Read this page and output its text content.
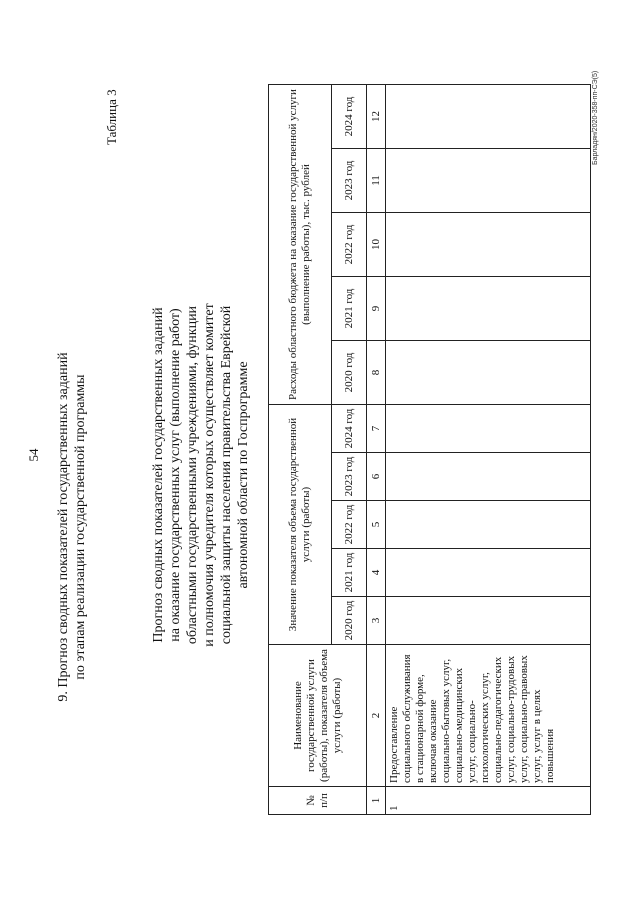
54 9. Прогноз сводных показателей государственных заданий по этапам реализации государственной программы
Таблица 3
Прогноз сводных показателей государственных заданий на оказание государственных услуг (выполнение работ) областными государственными учреждениями, функции и полномочия учредителя которых осуществляет комитет социальной защиты населения правительства Еврейской автономной области по Госпрограмме
№ п/п	Наименование государственной услуги (работы), показателя объема услуги (работы)	Значение показателя объема государственной услуги (работы)					Расходы областного бюджета на оказание государственной услуги (выполнение работы), тыс. рублей				
		2020 год	2021 год	2022 год	2023 год	2024 год	2020 год	2021 год	2022 год	2023 год	2024 год
1	2	3	4	5	6	7	8	9	10	11	12
1	Предоставление социального обслуживания в стационарной форме, включая оказание социально-бытовых услуг, социально-медицинских услуг, социально-психологических услуг, социально-педагогических услуг, социально-трудовых услуг, социально-правовых услуг, услуг в целях повышения										
Барладян/2020-358-пп-СЭ(5)
